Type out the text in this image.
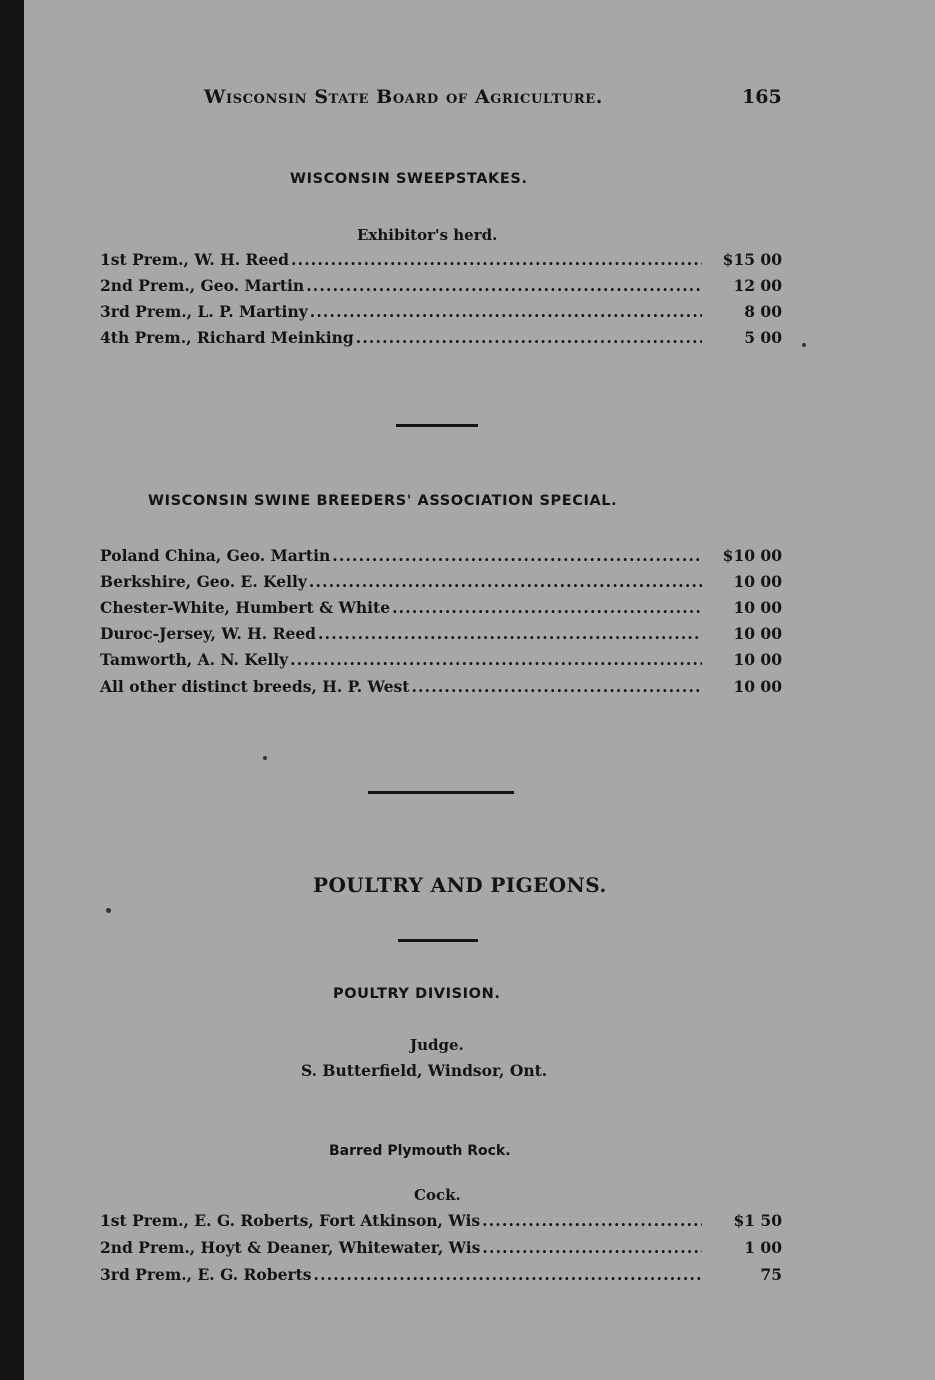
Wisconsin State Board of Agriculture.	165
WISCONSIN SWEEPSTAKES.
Exhibitor's herd.
1st Prem., W. H. Reed .....	$15 00
2nd Prem., Geo. Martin .....	12 00
3rd Prem., L. P. Martiny .....	8 00
4th Prem., Richard Meinking .....	5 00
WISCONSIN SWINE BREEDERS' ASSOCIATION SPECIAL.
Poland China, Geo. Martin .....	$10 00
Berkshire, Geo. E. Kelly .....	10 00
Chester-White, Humbert & White .....	10 00
Duroc-Jersey, W. H. Reed .....	10 00
Tamworth, A. N. Kelly .....	10 00
All other distinct breeds, H. P. West .....	10 00
POULTRY AND PIGEONS.
POULTRY DIVISION.
Judge.
S. Butterfield, Windsor, Ont.
Barred Plymouth Rock.
Cock.
1st Prem., E. G. Roberts, Fort Atkinson, Wis .....	$1 50
2nd Prem., Hoyt & Deaner, Whitewater, Wis .....	1 00
3rd Prem., E. G. Roberts .....	75
